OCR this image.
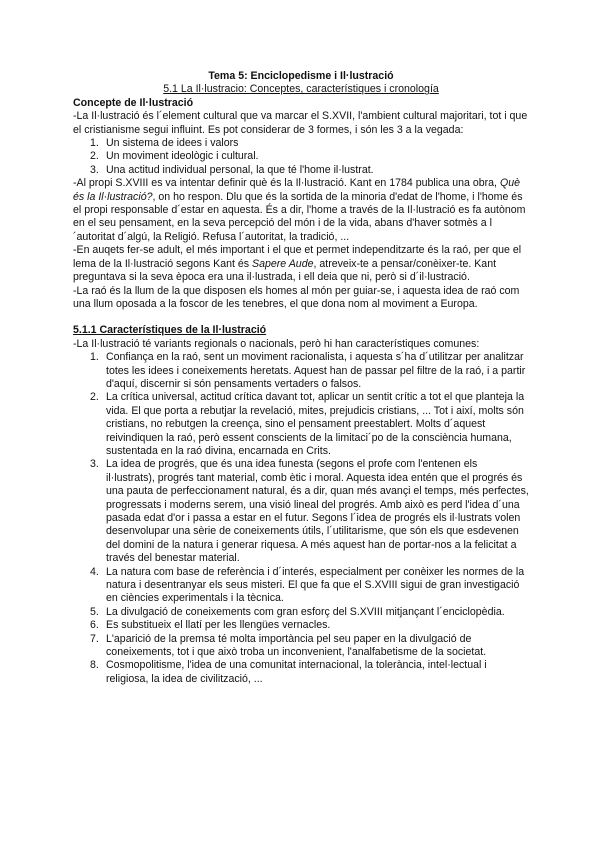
Tema 5: Enciclopedisme i Il·lustració

5.1 La Il·lustracio: Conceptes, característiques i cronología

Concepte de Il·lustració

-La Il·lustració és l´element cultural que va marcar el S.XVII, l'ambient cultural majoritari, tot i que el cristianisme segui influint. Es pot considerar de 3 formes, i són les 3 a la vegada:

1. Un sistema de idees i valors
2. Un moviment ideològic i cultural.
3. Una actitud individual personal, la que té l'home il·lustrat.

-Al propi S.XVIII es va intentar definir què és la Il·lustració. Kant en 1784 publica una obra, Què és la Il·lustració?, on ho respon. Dlu que és la sortida de la minoria d'edat de l'home, i l'home és el propi responsable d´estar en aquesta. És a dir, l'home a través de la Il·lustració es fa autònom en el seu pensament, en la seva percepció del món i de la vida, abans d'haver sotmès a l´autoritat d´algú, la Religió. Refusa l´autoritat, la tradició, ...

-En auqets fer-se adult, el més important i el que et permet independitzarte és la raó, per que el lema de la Il·lustració segons Kant és Sapere Aude, atreveix-te a pensar/conèixer-te. Kant preguntava si la seva època era una il·lustrada, i ell deia que ni, però si d´il·lustració.

-La raó és la llum de la que disposen els homes al món per guiar-se, i aquesta idea de raó com una llum oposada a la foscor de les tenebres, el que dona nom al moviment a Europa.

5.1.1 Característiques de la Il·lustració

-La Il·lustració té variants regionals o nacionals, però hi han característiques comunes:

1. Confiança en la raó, sent un moviment racionalista, i aquesta s´ha d´utilitzar per analitzar totes les idees i coneixements heretats. Aquest han de passar pel filtre de la raó, i a partir d'aquí, discernir si són pensaments vertaders o falsos.
2. La crítica universal, actitud crítica davant tot, aplicar un sentit crític a tot el que planteja la vida. El que porta a rebutjar la revelació, mites, prejudicis cristians, ... Tot i així, molts són cristians, no rebutgen la creença, sino el pensament preestablert. Molts d´aquest reivindiquen la raó, però essent conscients de la limitaci´po de la consciència humana, sustentada en la raó divina, encarnada en Crits.
3. La idea de progrés, que és una idea funesta (segons el profe com l'entenen els il·lustrats), progrés tant material, comb ètic i moral. Aquesta idea entén que el progrés és una pauta de perfeccionament natural, és a dir, quan més avançi el temps, més perfectes, progressats i moderns serem, una visió lineal del progrés. Amb això es perd l'idea d´una pasada edat d'or i passa a estar en el futur. Segons l´idea de progrés els il·lustrats volen desenvolupar una sèrie de coneixements útils, l´utilitarisme, que són els que esdevenen del domini de la natura i generar riquesa. A més aquest han de portar-nos a la felicitat a través del benestar material.
4. La natura com base de referència i d´interés, especialment per conèixer les normes de la natura i desentranyar els seus misteri. El que fa que el S.XVIII sigui de gran investigació en ciències experimentals i la tècnica.
5. La divulgació de coneixements com gran esforç del S.XVIII mitjançant l´enciclopèdia.
6. Es substitueix el llatí per les llengües vernacles.
7. L'aparició de la premsa té molta importància pel seu paper en la divulgació de coneixements, tot i que això troba un inconvenient, l'analfabetisme de la societat.
8. Cosmopolitisme, l'idea de una comunitat internacional, la tolerància, intel·lectual i religiosa, la idea de civilització, ...
